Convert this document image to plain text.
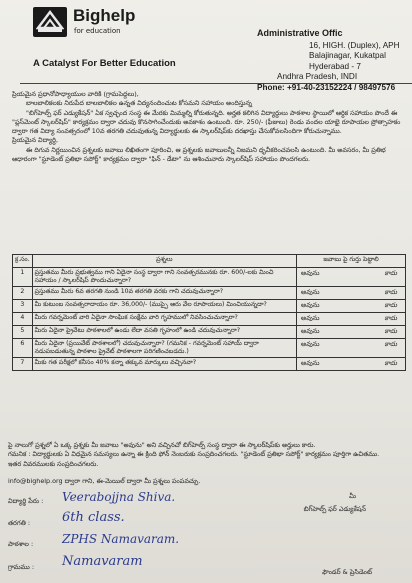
Bighelp
for education
A Catalyst For Better Education
Administrative Offic
16, HIGH. (Duplex), APH
Balajinagar, Kukatpal
Hyderabad - 7
Andhra Pradesh, INDI
Phone: +91-40-23152224 / 98497576

ప్రియమైన ప్రధానోపాధ్యాయుల వారికి (గ్రామపెద్దలు),

బాలబాలికలకు నిరుపేద బాలబాలికల ఉన్నత విద్యనందించుట కోసమని సహాయం అందిస్తున్న

"బిగ్‌హెల్ప్ ఫర్ ఎడ్యుకేషన్" ఏక స్వచ్ఛంద సంస్థ ఈ మేరకు మిమ్మల్ని కోరుతున్నది. అర్హత కలిగిన విద్యార్థులు పాఠశాల స్థాయిలో ఆర్థిక సహాయం పొందే ఈ "ప్లస్‌మెంట్ స్కాలర్‌షిప్" కార్యక్రమం ద్వారా చదువు కొనసాగించేందుకు అవకాశం ఉంటుంది. రూ. 250/- (ఫీజులు) రెండు వందల యాభై రూపాయల ప్రోత్సాహకం ద్వారా గత విద్యా సంవత్సరంలో 10వ తరగతి చదువుతున్న విద్యార్థులకు ఈ స్కాలర్‌షిప్‌కు దరఖాస్తు చేసుకోవలసిందిగా కోరుచున్నాము.

ప్రియమైన విద్యార్థి,

ఈ దిగువ నిర్ణయించిన ప్రశ్నలకు జవాబు లిఖితంగా పూరించి, ఆ ప్రశ్నలకు జవాబులన్నీ నిజమని ధృవీకరించవలసి ఉంటుంది. మీ అవసరం, మీ ప్రతిభ ఆధారంగా "స్టూడెంట్ ప్రతిభా సపోర్ట్" కార్యక్రమం ద్వారా "ఫిన్ - డేటా" ను ఆశించువారు స్కాలర్‌షిప్ సహాయం పొందగలరు.

క్ర.సం.	ప్రశ్నలు	జవాబు పై గుర్తు పెట్టాలి
1	ప్రస్తుతము మీరు ప్రభుత్వము గాని ఏదైనా సంస్థ ద్వారా గాని సంవత్సరమునకు రూ. 600/-లకు మించి సహాయం / స్కాలర్‌షిప్ పొందుచున్నారా?	అవును కాదు

2	ప్రస్తుతము మీరు 6వ తరగతి నుండి 10వ తరగతి వరకు గాని చదువుచున్నారా?	అవును కాదు

3	మీ కుటుంబ సంవత్సరాదాయం రూ. 36,000/- (ముప్పై ఆరు వేల రూపాయలు) మించియున్నదా?	అవును కాదు

4	మీరు గవర్నమెంట్ వారి ఏదైనా సాంఘిక సంక్షేమ వారి గృహములో నివసించుచున్నారా?	అవును కాదు

5	మీరు ఏదైనా ప్రైవేటు పాఠశాలలో ఉండు లేదా వసతి గృహంలో ఉండి చదువుచున్నారా?	అవును కాదు

6	మీరు ఏదైనా (ప్రయివేట్ పాఠశాలలో) చదువుచున్నారా? (గమనిక - గవర్నమెంట్ సహాయ్ ద్వారా నడుపబడుతున్న పాఠశాల ప్రైవేట్ పాఠశాలగా పరిగణించబడదు.)	అవును కాదు

7	మీకు గత పరీక్షలో కనీసం 40% కన్నా తక్కువ మార్కులు వచ్చినవా?	అవును కాదు

పై నాలుగో ప్రశ్నలో ఏ ఒక్క ప్రశ్నకు మీ జవాబు "అవును" అని వచ్చినచో బిగ్‌హెల్ప్ సంస్థ ద్వారా ఈ స్కాలర్‌షిప్‌కు అర్హులు కారు.

గమనిక : విద్యార్థులకు ఏ విధమైన సమస్యలు ఉన్నా ఈ క్రింది ఫోన్ నెంబరుకు సంప్రదించగలరు. "స్టూడెంట్ ప్రతిభా సపోర్ట్" కార్యక్రమం పూర్తిగా ఉచితము.

ఇతర వివరములకు సంప్రదించగలరు.

info@bighelp.org ద్వారా గాని, ఈ-మెయిల్ ద్వారా మీ ప్రశ్నలు పంపవచ్చు.
విద్యార్థి పేరు : Veerabojjna Shiva.	మీ
తరగతి : 6th class.
బిగ్‌హెల్ప్ ఫర్ ఎడ్యుకేషన్
పాఠశాల : ZPHS Namavaram.
గ్రామము : Namavaram
ఫౌండర్ & ప్రెసిడెంట్
